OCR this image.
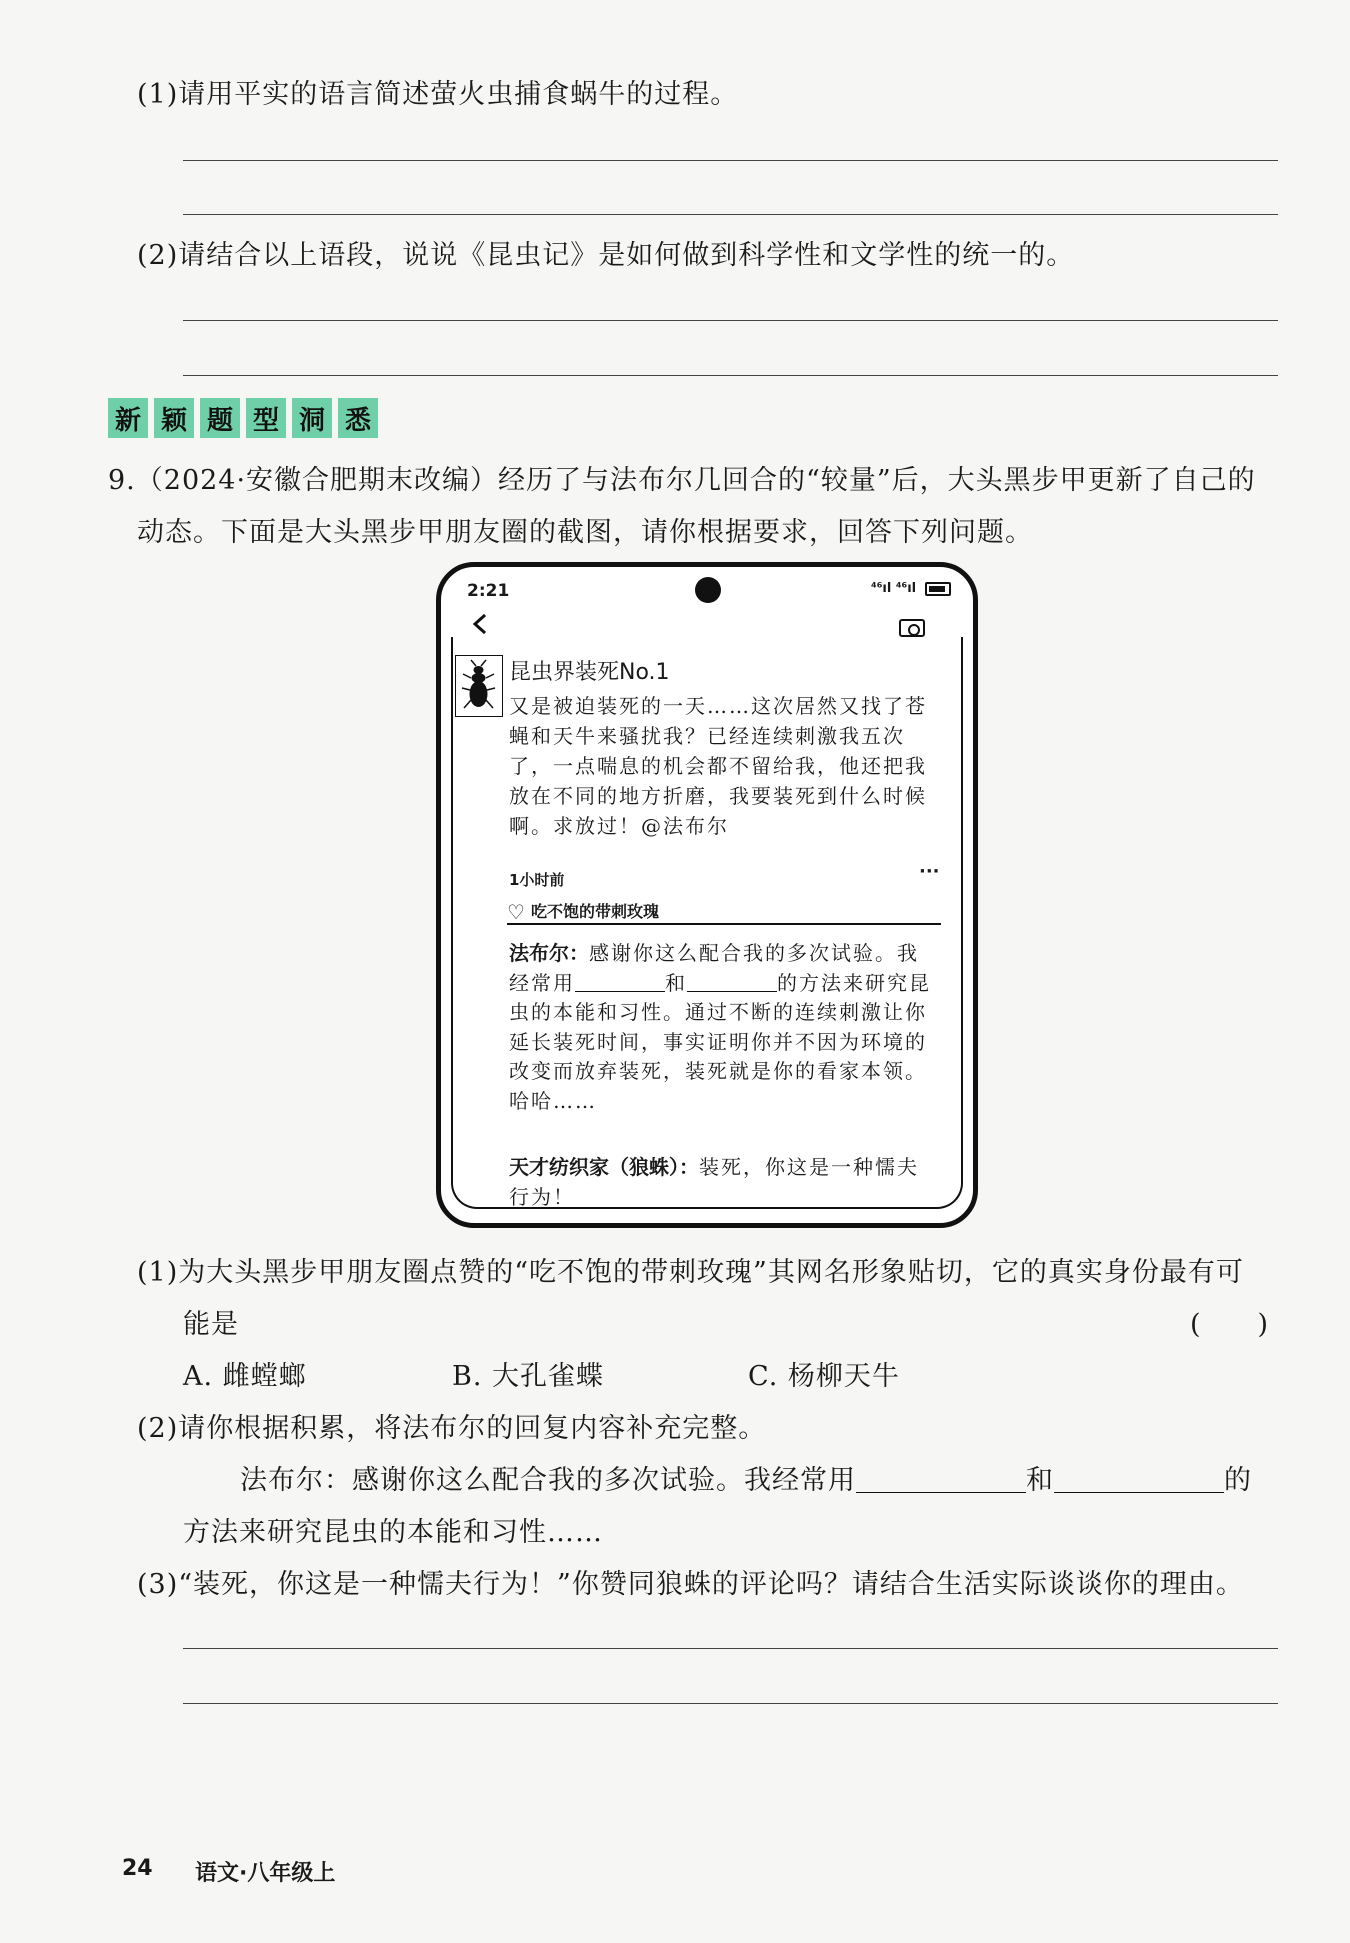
(1)请用平实的语言简述萤火虫捕食蜗牛的过程。
(2)请结合以上语段，说说《昆虫记》是如何做到科学性和文学性的统一的。
新 颖 题 型 洞 悉
9.（2024·安徽合肥期末改编）经历了与法布尔几回合的“较量”后，大头黑步甲更新了自己的
动态。下面是大头黑步甲朋友圈的截图，请你根据要求，回答下列问题。
2:21	⁴⁶ıl ⁴⁶ıl
昆虫界装死No.1
又是被迫装死的一天……这次居然又找了苍蝇和天牛来骚扰我？已经连续刺激我五次了，一点喘息的机会都不留给我，他还把我放在不同的地方折磨，我要装死到什么时候啊。求放过！@法布尔
1小时前	···
♡ 吃不饱的带刺玫瑰
法布尔：感谢你这么配合我的多次试验。我经常用	和	的方法来研究昆虫的本能和习性。通过不断的连续刺激让你延长装死时间，事实证明你并不因为环境的改变而放弃装死，装死就是你的看家本领。哈哈……
天才纺织家（狼蛛）：装死，你这是一种懦夫行为！
(1)为大头黑步甲朋友圈点赞的“吃不饱的带刺玫瑰”其网名形象贴切，它的真实身份最有可
能是	(　　)
A. 雌螳螂	B. 大孔雀蝶	C. 杨柳天牛
(2)请你根据积累，将法布尔的回复内容补充完整。
法布尔：感谢你这么配合我的多次试验。我经常用	和	的
方法来研究昆虫的本能和习性……
(3)“装死，你这是一种懦夫行为！”你赞同狼蛛的评论吗？请结合生活实际谈谈你的理由。
24 语文·八年级上
